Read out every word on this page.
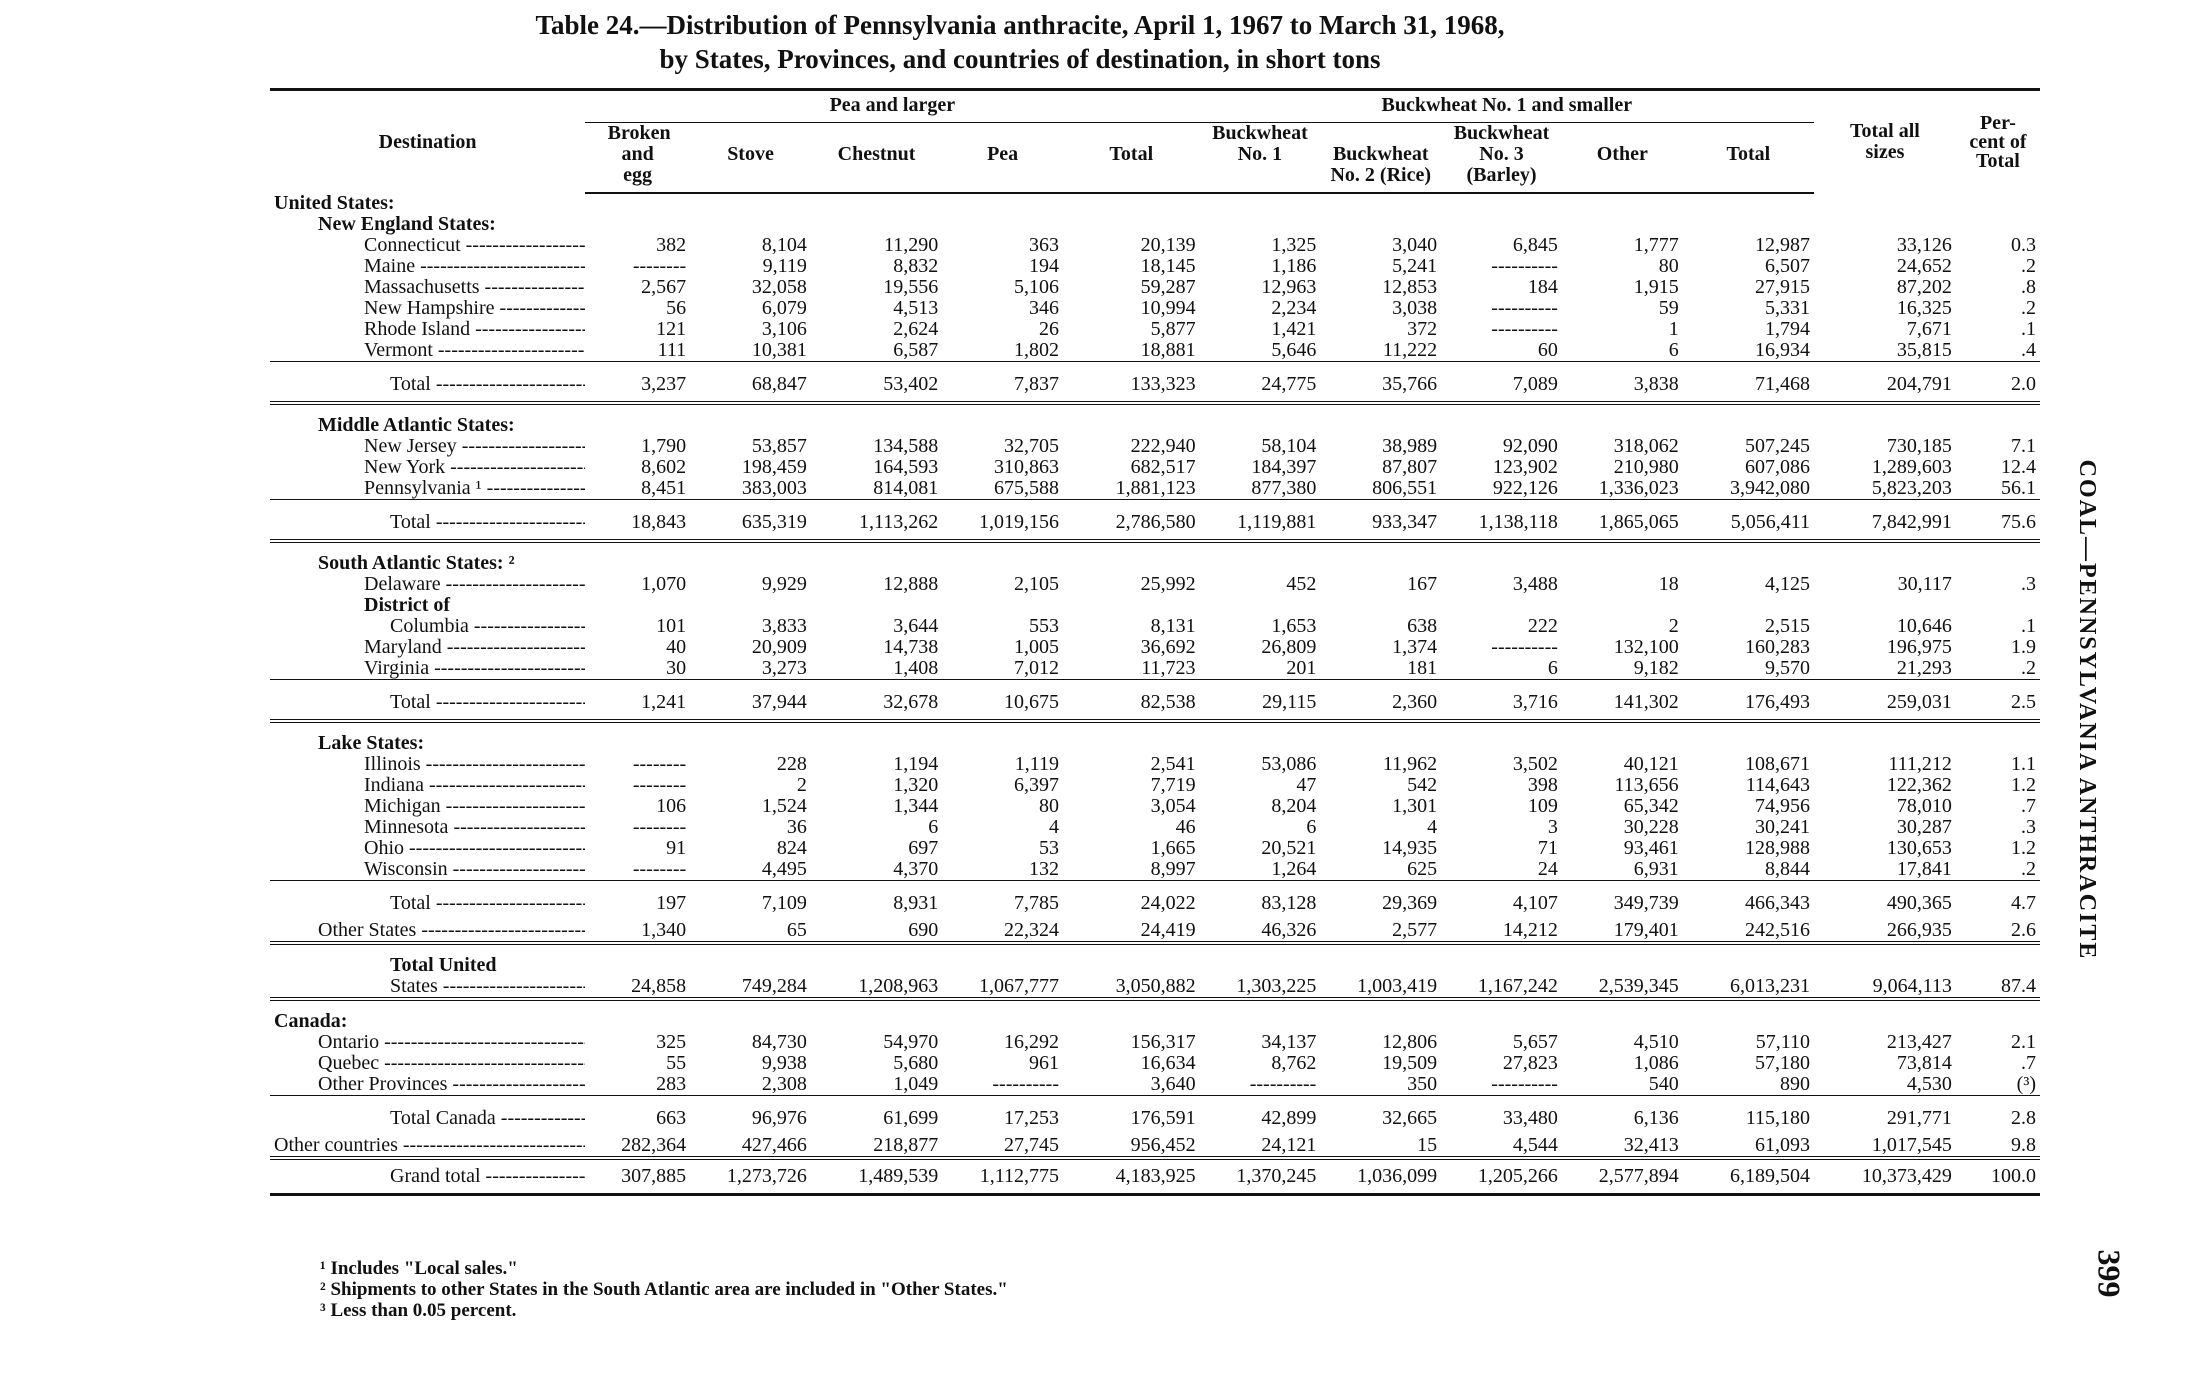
Table 24.—Distribution of Pennsylvania anthracite, April 1, 1967 to March 31, 1968,
by States, Provinces, and countries of destination, in short tons
Destination	Pea and larger					Buckwheat No. 1 and smaller					Total all sizes	Per- cent of Total

	Broken and egg	Stove	Chestnut	Pea	Total	Buckwheat No. 1	Buckwheat No. 2 (Rice)	Buckwheat No. 3 (Barley)	Other	Total		
United States:												
New England States:												
Connecticut -----	382	8,104	11,290	363	20,139	1,325	3,040	6,845	1,777	12,987	33,126	0.3
Maine -----	--------	9,119	8,832	194	18,145	1,186	5,241	----------	80	6,507	24,652	.2
Massachusetts -----	2,567	32,058	19,556	5,106	59,287	12,963	12,853	184	1,915	27,915	87,202	.8
New Hampshire -----	56	6,079	4,513	346	10,994	2,234	3,038	----------	59	5,331	16,325	.2
Rhode Island -----	121	3,106	2,624	26	5,877	1,421	372	----------	1	1,794	7,671	.1
Vermont -----	111	10,381	6,587	1,802	18,881	5,646	11,222	60	6	16,934	35,815	.4
Total -----	3,237	68,847	53,402	7,837	133,323	24,775	35,766	7,089	3,838	71,468	204,791	2.0
Middle Atlantic States:												
New Jersey -----	1,790	53,857	134,588	32,705	222,940	58,104	38,989	92,090	318,062	507,245	730,185	7.1
New York -----	8,602	198,459	164,593	310,863	682,517	184,397	87,807	123,902	210,980	607,086	1,289,603	12.4
Pennsylvania ¹ -----	8,451	383,003	814,081	675,588	1,881,123	877,380	806,551	922,126	1,336,023	3,942,080	5,823,203	56.1
Total -----	18,843	635,319	1,113,262	1,019,156	2,786,580	1,119,881	933,347	1,138,118	1,865,065	5,056,411	7,842,991	75.6
South Atlantic States: ²												
Delaware -----	1,070	9,929	12,888	2,105	25,992	452	167	3,488	18	4,125	30,117	.3
District of												
Columbia -----	101	3,833	3,644	553	8,131	1,653	638	222	2	2,515	10,646	.1
Maryland -----	40	20,909	14,738	1,005	36,692	26,809	1,374	----------	132,100	160,283	196,975	1.9
Virginia -----	30	3,273	1,408	7,012	11,723	201	181	6	9,182	9,570	21,293	.2
Total -----	1,241	37,944	32,678	10,675	82,538	29,115	2,360	3,716	141,302	176,493	259,031	2.5
Lake States:												
Illinois -----	--------	228	1,194	1,119	2,541	53,086	11,962	3,502	40,121	108,671	111,212	1.1
Indiana -----	--------	2	1,320	6,397	7,719	47	542	398	113,656	114,643	122,362	1.2
Michigan -----	106	1,524	1,344	80	3,054	8,204	1,301	109	65,342	74,956	78,010	.7
Minnesota -----	--------	36	6	4	46	6	4	3	30,228	30,241	30,287	.3
Ohio -----	91	824	697	53	1,665	20,521	14,935	71	93,461	128,988	130,653	1.2
Wisconsin -----	--------	4,495	4,370	132	8,997	1,264	625	24	6,931	8,844	17,841	.2
Total -----	197	7,109	8,931	7,785	24,022	83,128	29,369	4,107	349,739	466,343	490,365	4.7
Other States -----	1,340	65	690	22,324	24,419	46,326	2,577	14,212	179,401	242,516	266,935	2.6
Total United												
States -----	24,858	749,284	1,208,963	1,067,777	3,050,882	1,303,225	1,003,419	1,167,242	2,539,345	6,013,231	9,064,113	87.4
Canada:												
Ontario -----	325	84,730	54,970	16,292	156,317	34,137	12,806	5,657	4,510	57,110	213,427	2.1
Quebec -----	55	9,938	5,680	961	16,634	8,762	19,509	27,823	1,086	57,180	73,814	.7
Other Provinces -----	283	2,308	1,049	----------	3,640	----------	350	----------	540	890	4,530	(³)
Total Canada -----	663	96,976	61,699	17,253	176,591	42,899	32,665	33,480	6,136	115,180	291,771	2.8
Other countries -----	282,364	427,466	218,877	27,745	956,452	24,121	15	4,544	32,413	61,093	1,017,545	9.8
Grand total -----	307,885	1,273,726	1,489,539	1,112,775	4,183,925	1,370,245	1,036,099	1,205,266	2,577,894	6,189,504	10,373,429	100.0
¹ Includes "Local sales."
² Shipments to other States in the South Atlantic area are included in "Other States."
³ Less than 0.05 percent.
COAL—PENNSYLVANIA ANTHRACITE
399
